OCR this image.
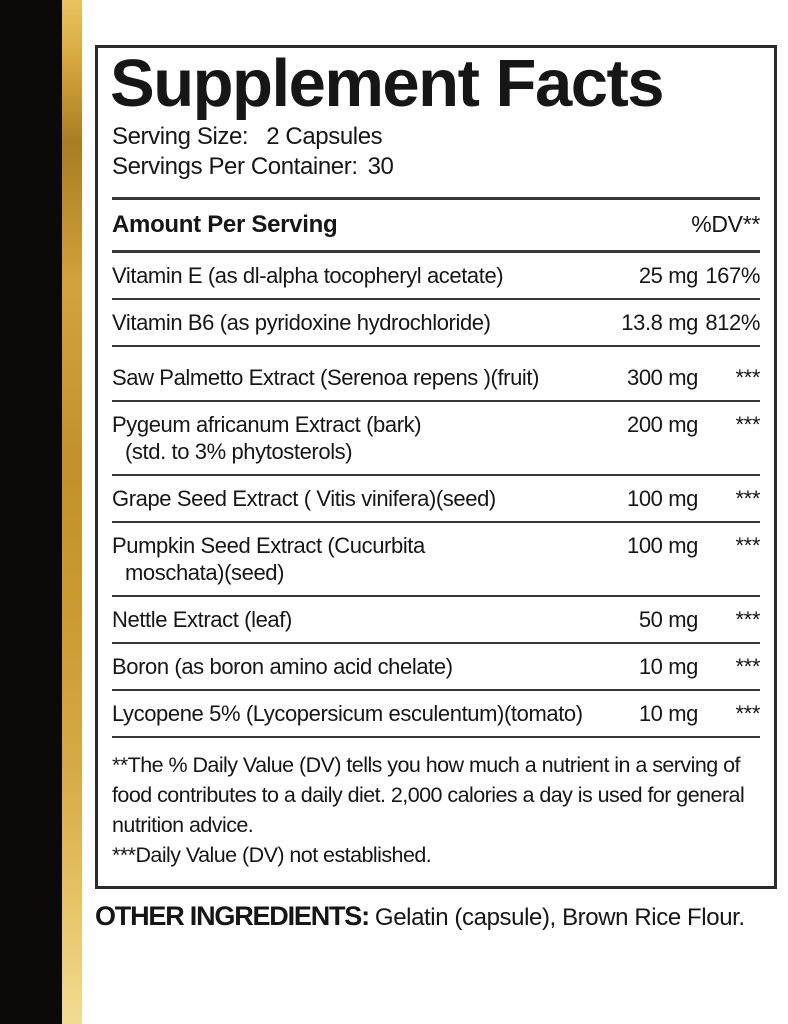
Supplement Facts
Serving Size: 2 Capsules
Servings Per Container: 30
Amount Per Serving	%DV**
Vitamin E (as dl-alpha tocopheryl acetate)	25 mg 167%
Vitamin B6 (as pyridoxine hydrochloride)	13.8 mg 812%
Saw Palmetto Extract (Serenoa repens )(fruit)	300 mg	***
Pygeum africanum Extract (bark)
(std. to 3% phytosterols)
200 mg	***
Grape Seed Extract ( Vitis vinifera)(seed)	100 mg	***
Pumpkin Seed Extract (Cucurbita
moschata)(seed)
100 mg	***
Nettle Extract (leaf)	50 mg	***
Boron (as boron amino acid chelate)	10 mg	***
Lycopene 5% (Lycopersicum esculentum)(tomato)	10 mg	***

**The % Daily Value (DV) tells you how much a nutrient in a serving of food contributes to a daily diet. 2,000 calories a day is used for general nutrition advice.

***Daily Value (DV) not established.

OTHER INGREDIENTS: Gelatin (capsule), Brown Rice Flour.
